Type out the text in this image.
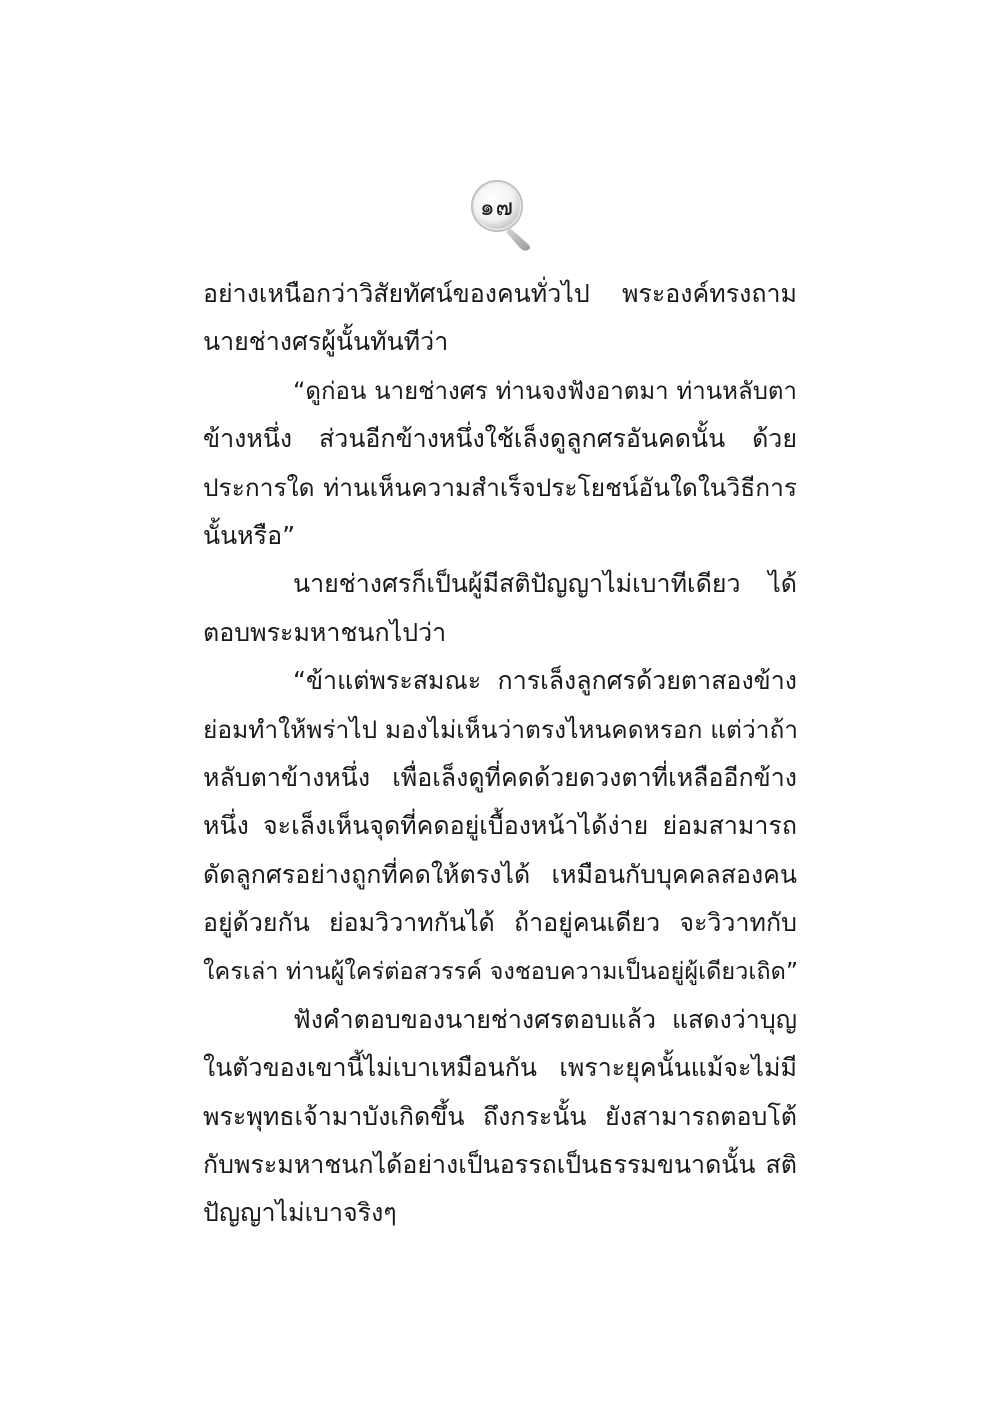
๑๗
อย่างเหนือกว่าวิสัยทัศน์ของคนทั่วไป พระองค์ทรงถาม
นายช่างศรผู้นั้นทันทีว่า
“ดูก่อน นายช่างศร ท่านจงฟังอาตมา ท่านหลับตา
ข้างหนึ่ง ส่วนอีกข้างหนึ่งใช้เล็งดูลูกศรอันคดนั้น ด้วย
ประการใด ท่านเห็นความสำเร็จประโยชน์อันใดในวิธีการ
นั้นหรือ”
นายช่างศรก็เป็นผู้มีสติปัญญาไม่เบาทีเดียว ได้
ตอบพระมหาชนกไปว่า
“ข้าแต่พระสมณะ การเล็งลูกศรด้วยตาสองข้าง
ย่อมทำให้พร่าไป มองไม่เห็นว่าตรงไหนคดหรอก แต่ว่าถ้า
หลับตาข้างหนึ่ง เพื่อเล็งดูที่คดด้วยดวงตาที่เหลืออีกข้าง
หนึ่ง จะเล็งเห็นจุดที่คดอยู่เบื้องหน้าได้ง่าย ย่อมสามารถ
ดัดลูกศรอย่างถูกที่คดให้ตรงได้ เหมือนกับบุคคลสองคน
อยู่ด้วยกัน ย่อมวิวาทกันได้ ถ้าอยู่คนเดียว จะวิวาทกับ
ใครเล่า ท่านผู้ใคร่ต่อสวรรค์ จงชอบความเป็นอยู่ผู้เดียวเถิด”
ฟังคำตอบของนายช่างศรตอบแล้ว แสดงว่าบุญ
ในตัวของเขานี้ไม่เบาเหมือนกัน เพราะยุคนั้นแม้จะไม่มี
พระพุทธเจ้ามาบังเกิดขึ้น ถึงกระนั้น ยังสามารถตอบโต้
กับพระมหาชนกได้อย่างเป็นอรรถเป็นธรรมขนาดนั้น สติ
ปัญญาไม่เบาจริงๆ
